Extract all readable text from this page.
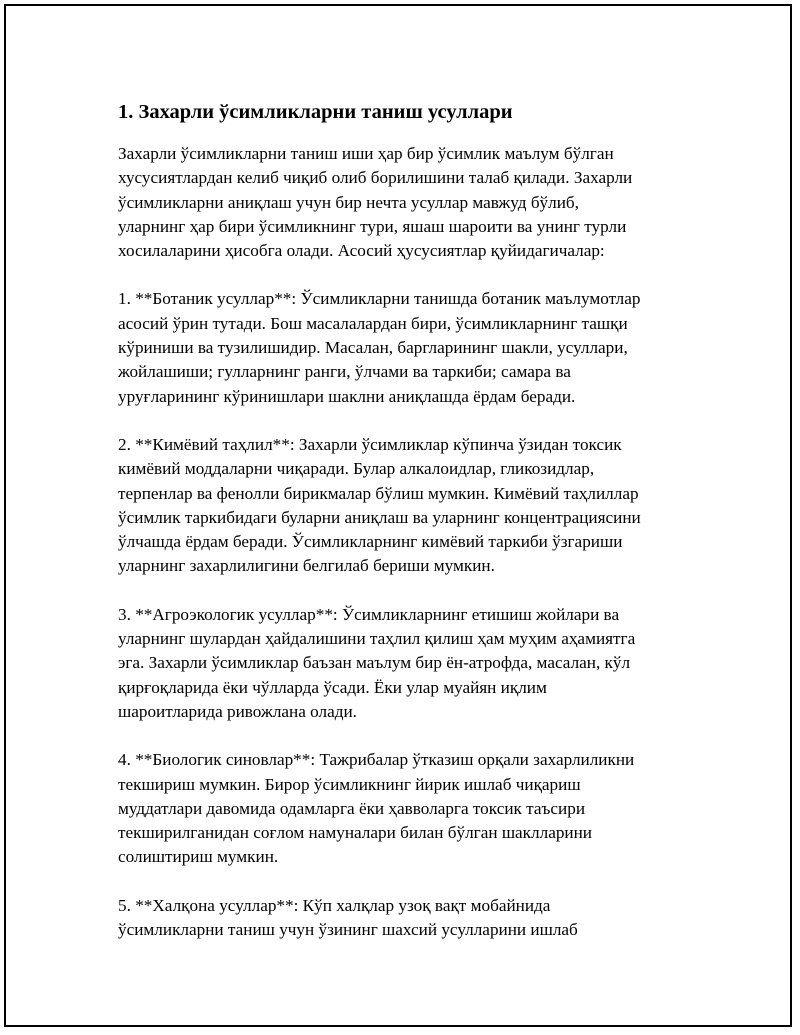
1. Захарли ўсимликларни таниш усуллари

Захарли ўсимликларни таниш иши ҳар бир ўсимлик маълум бўлган
хусусиятлардан келиб чиқиб олиб борилишини талаб қилади. Захарли
ўсимликларни аниқлаш учун бир нечта усуллар мавжуд бўлиб,
уларнинг ҳар бири ўсимликнинг тури, яшаш шароити ва унинг турли
хосилаларини ҳисобга олади. Асосий ҳусусиятлар қуйидагичалар:

1. **Ботаник усуллар**: Ўсимликларни танишда ботаник маълумотлар
асосий ўрин тутади. Бош масалалардан бири, ўсимликларнинг ташқи
кўриниши ва тузилишидир. Масалан, баргларининг шакли, усуллари,
жойлашиши; гулларнинг ранги, ўлчами ва таркиби; самара ва
уруғларининг кўринишлари шаклни аниқлашда ёрдам беради.

2. **Кимёвий таҳлил**: Захарли ўсимликлар кўпинча ўзидан токсик
кимёвий моддаларни чиқаради. Булар алкалоидлар, гликозидлар,
терпенлар ва фенолли бирикмалар бўлиш мумкин. Кимёвий таҳлиллар
ўсимлик таркибидаги буларни аниқлаш ва уларнинг концентрациясини
ўлчашда ёрдам беради. Ўсимликларнинг кимёвий таркиби ўзгариши
уларнинг захарлилигини белгилаб бериши мумкин.

3. **Агроэкологик усуллар**: Ўсимликларнинг етишиш жойлари ва
уларнинг шулардан ҳайдалишини таҳлил қилиш ҳам муҳим аҳамиятга
эга. Захарли ўсимликлар баъзан маълум бир ён-атрофда, масалан, кўл
қирғоқларида ёки чўлларда ўсади. Ёки улар муайян иқлим
шароитларида ривожлана олади.

4. **Биологик синовлар**: Тажрибалар ўтказиш орқали захарлиликни
текшириш мумкин. Бирор ўсимликнинг йирик ишлаб чиқариш
муддатлари давомида одамларга ёки ҳавволарга токсик таъсири
текширилганидан соғлом намуналари билан бўлган шаклларини
солиштириш мумкин.

5. **Халқона усуллар**: Кўп халқлар узоқ вақт мобайнида
ўсимликларни таниш учун ўзининг шахсий усулларини ишлаб
